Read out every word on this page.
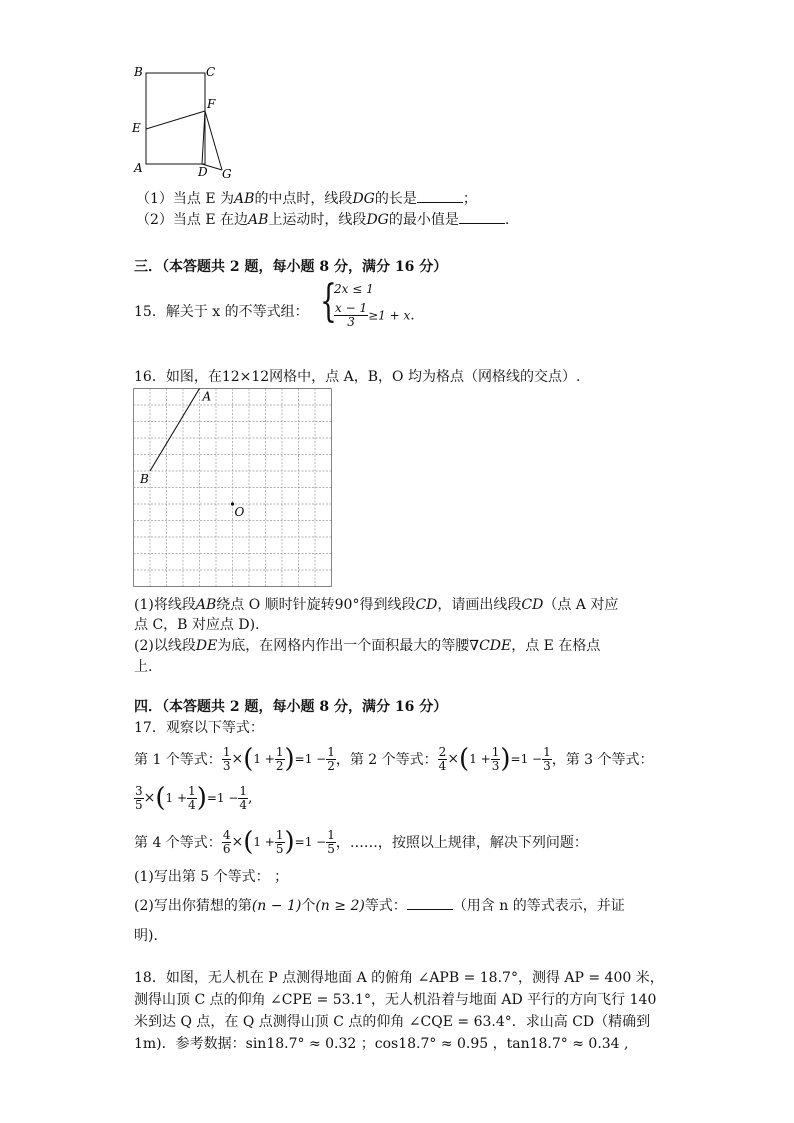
B	C
F
E
A	D G
（1）当点 E 为AB的中点时，线段DG的长是	；
（2）当点 E 在边AB上运动时，线段DG的最小值是	.
三．（本答题共 2 题，每小题 8 分，满分 16 分）
15．解关于 x 的不等式组： {
2x ≤ 1
$\frac{x - 1}{3} \ge 1 + x$.
16．如图，在12×12网格中，点 A，B，O 均为格点（网格线的交点）.
A
B
O
(1)将线段AB绕点 O 顺时针旋转90°得到线段CD，请画出线段CD（点 A 对应
点 C，B 对应点 D).
(2)以线段DE为底，在网格内作出一个面积最大的等腰∇CDE，点 E 在格点
上.
四．（本答题共 2 题，每小题 8 分，满分 16 分）
17．观察以下等式：
第 1 个等式： $\frac{1}{3}$ × ( $1 + \frac{1}{2}$ ) $=1 - \frac{1}{2}$ ，第 2 个等式： $\frac{2}{4}$ × ( $1 + \frac{1}{3}$ ) $=1 - \frac{1}{3}$ ，第 3 个等式：
$\frac{3}{5}$ × ( $1 + \frac{1}{4}$ ) $=1 - \frac{1}{4}$ ,
第 4 个等式： $\frac{4}{6}$ × ( $1 + \frac{1}{5}$ ) $=1 - \frac{1}{5}$ ，……，按照以上规律，解决下列问题：
(1)写出第 5 个等式： ；
(2)写出你猜想的第(n − 1)个(n ≥ 2)等式：	（用含 n 的等式表示，并证
明).
18．如图，无人机在 P 点测得地面 A 的俯角 ∠APB = 18.7°，测得 AP = 400 米，
测得山顶 C 点的仰角 ∠CPE = 53.1°，无人机沿着与地面 AD 平行的方向飞行 140
米到达 Q 点，在 Q 点测得山顶 C 点的仰角 ∠CQE = 63.4°．求山高 CD（精确到
1m)．参考数据：sin18.7° ≈ 0.32 ；cos18.7° ≈ 0.95 ，tan18.7° ≈ 0.34 ,
